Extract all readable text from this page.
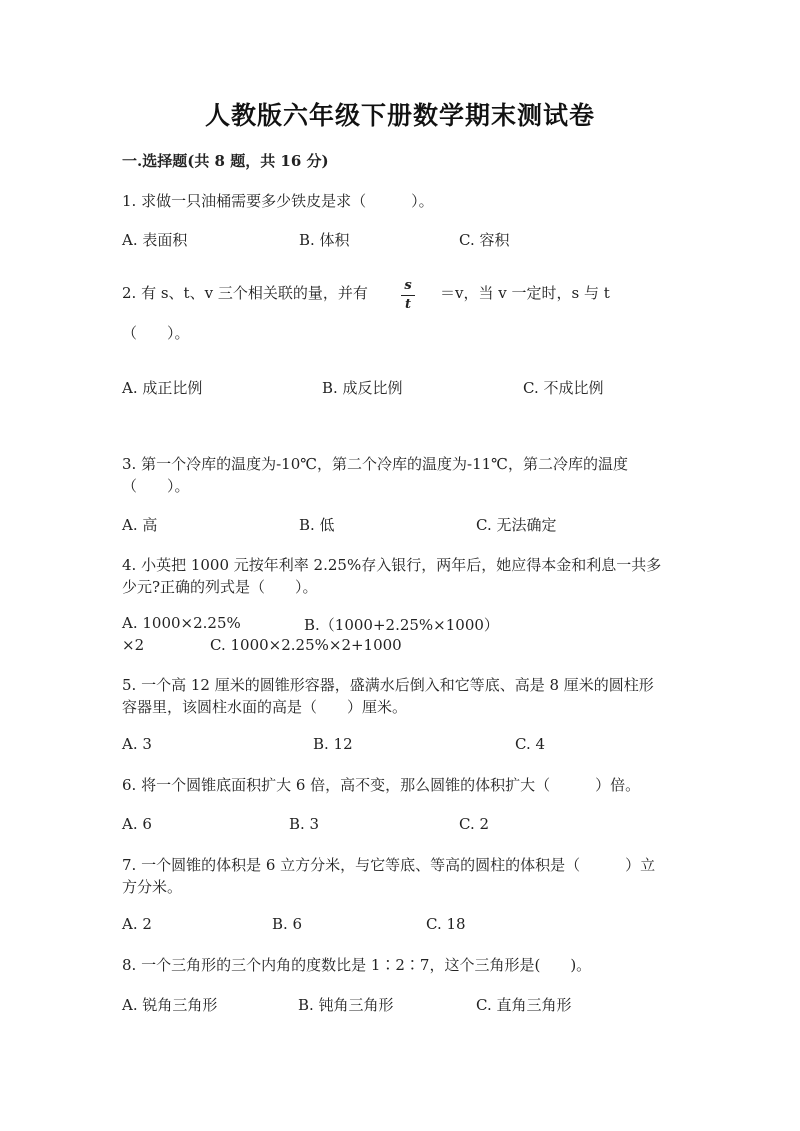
人教版六年级下册数学期末测试卷
一.选择题(共 8 题，共 16 分)
1. 求做一只油桶需要多少铁皮是求（　　　）。
A. 表面积	B. 体积	C. 容积
2. 有 s、t、v 三个相关联的量，并有	s
t
＝v，当 v 一定时，s 与 t
（　　）。
A. 成正比例	B. 成反比例	C. 不成比例
3. 第一个冷库的温度为-10℃，第二个冷库的温度为-11℃，第二冷库的温度
（　　）。
A. 高	B. 低	C. 无法确定
4. 小英把 1000 元按年利率 2.25%存入银行，两年后，她应得本金和利息一共多
少元?正确的列式是（　　）。
A. 1000×2.25%	B.（1000+2.25%×1000）
×2	C. 1000×2.25%×2+1000
5. 一个高 12 厘米的圆锥形容器，盛满水后倒入和它等底、高是 8 厘米的圆柱形
容器里，该圆柱水面的高是（　　）厘米。
A. 3	B. 12	C. 4
6. 将一个圆锥底面积扩大 6 倍，高不变，那么圆锥的体积扩大（　　　）倍。
A. 6	B. 3	C. 2
7. 一个圆锥的体积是 6 立方分米，与它等底、等高的圆柱的体积是（　　　）立
方分米。
A. 2	B. 6	C. 18
8. 一个三角形的三个内角的度数比是 1∶2∶7，这个三角形是(　　)。
A. 锐角三角形	B. 钝角三角形	C. 直角三角形
